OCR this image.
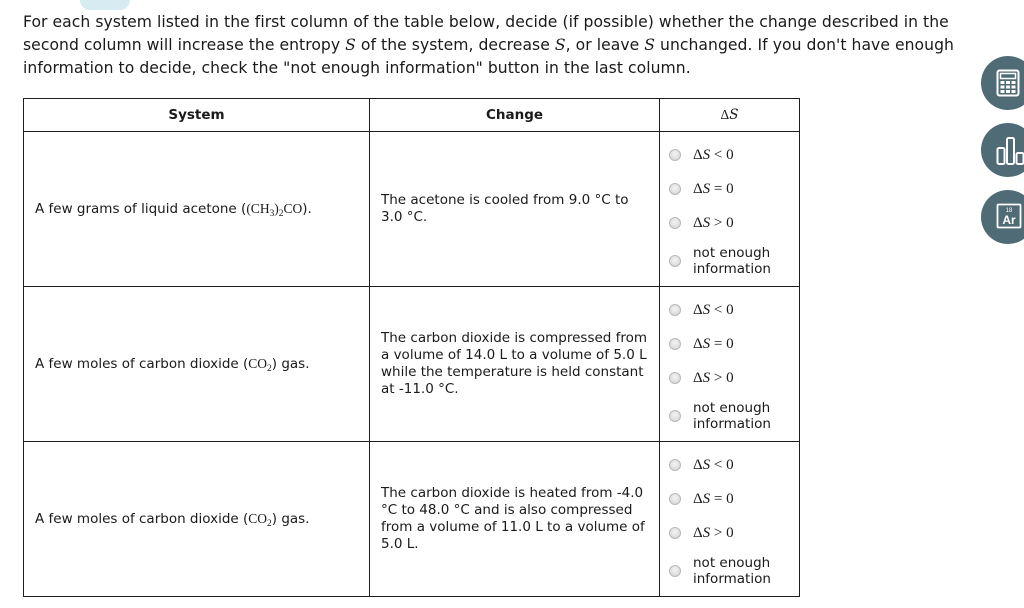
For each system listed in the first column of the table below, decide (if possible) whether the change described in the second column will increase the entropy S of the system, decrease S, or leave S unchanged. If you don't have enough information to decide, check the "not enough information" button in the last column.
System	Change	ΔS
A few grams of liquid acetone $((CH_3)_2CO)$.	The acetone is cooled from 9.0 °C to 3.0 °C.	ΔS < 0
ΔS = 0
ΔS > 0
not enough information

A few moles of carbon dioxide $(CO_2)$ gas.	The carbon dioxide is compressed from a volume of 14.0 L to a volume of 5.0 L while the temperature is held constant at -11.0 °C.	ΔS < 0
ΔS = 0
ΔS > 0
not enough information

A few moles of carbon dioxide $(CO_2)$ gas.	The carbon dioxide is heated from -4.0 °C to 48.0 °C and is also compressed from a volume of 11.0 L to a volume of 5.0 L.	ΔS < 0
ΔS = 0
ΔS > 0
not enough information
18
Ar
